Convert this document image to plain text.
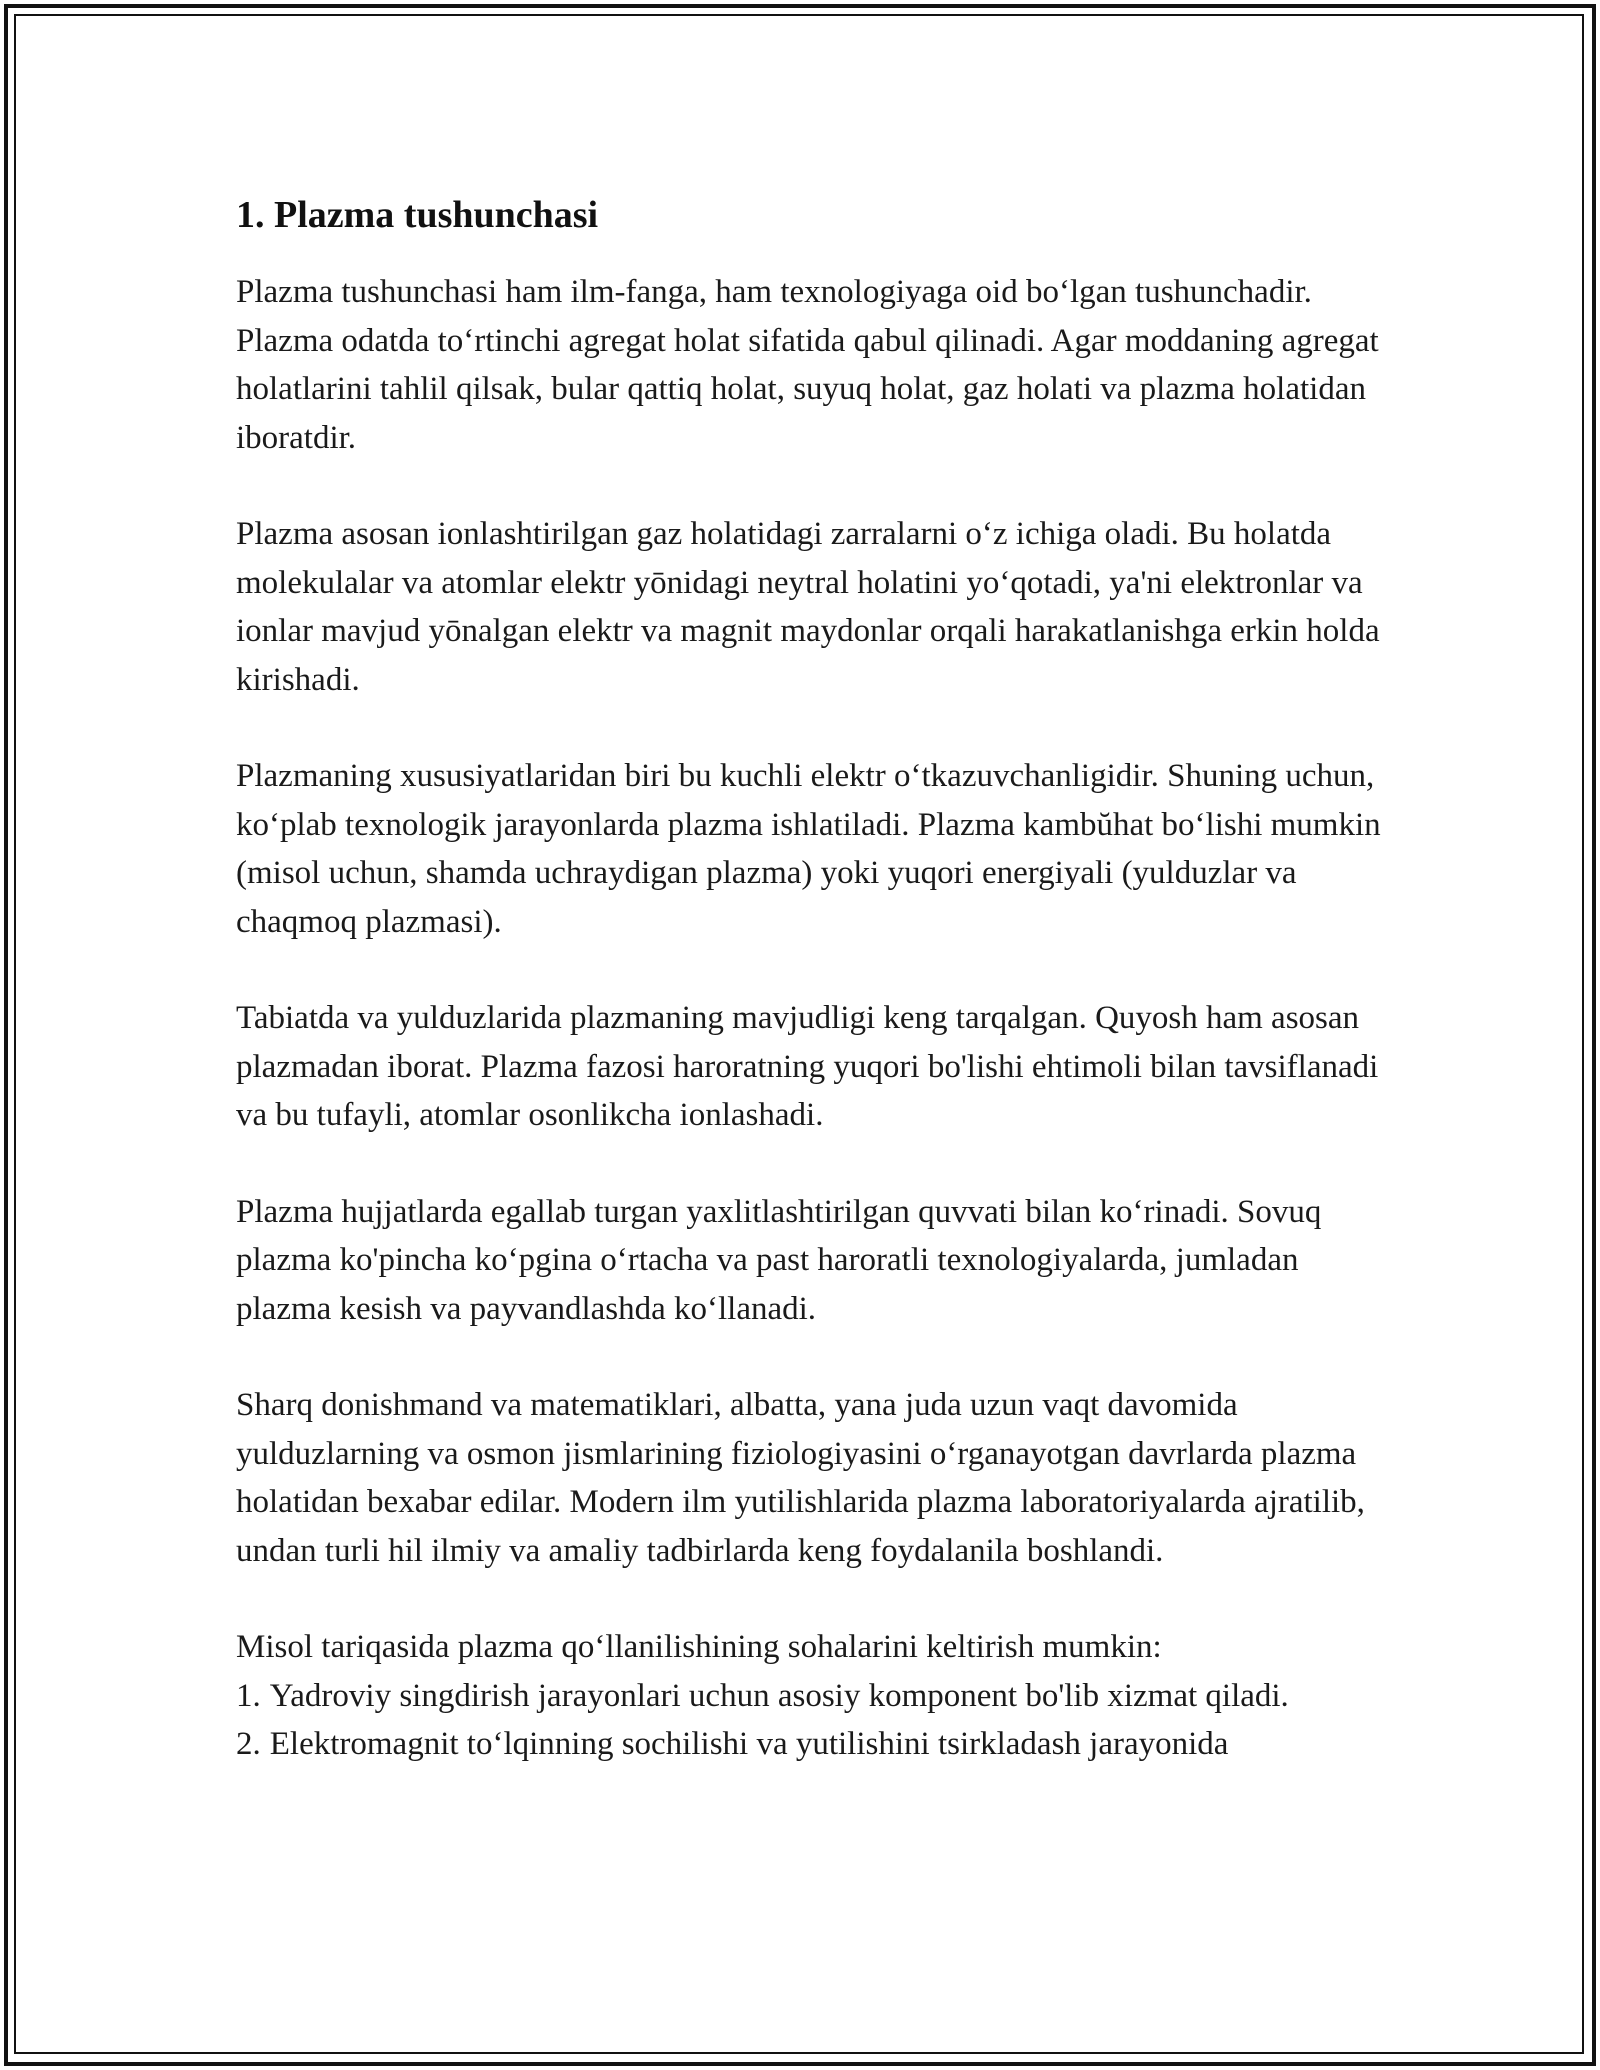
1. Plazma tushunchasi

Plazma tushunchasi ham ilm-fanga, ham texnologiyaga oid bo‘lgan tushunchadir. Plazma odatda to‘rtinchi agregat holat sifatida qabul qilinadi. Agar moddaning agregat holatlarini tahlil qilsak, bular qattiq holat, suyuq holat, gaz holati va plazma holatidan iboratdir.

Plazma asosan ionlashtirilgan gaz holatidagi zarralarni o‘z ichiga oladi. Bu holatda molekulalar va atomlar elektr yōnidagi neytral holatini yo‘qotadi, ya'ni elektronlar va ionlar mavjud yōnalgan elektr va magnit maydonlar orqali harakatlanishga erkin holda kirishadi.

Plazmaning xususiyatlaridan biri bu kuchli elektr o‘tkazuvchanligidir. Shuning uchun, ko‘plab texnologik jarayonlarda plazma ishlatiladi. Plazma kambŭhat bo‘lishi mumkin (misol uchun, shamda uchraydigan plazma) yoki yuqori energiyali (yulduzlar va chaqmoq plazmasi).

Tabiatda va yulduzlarida plazmaning mavjudligi keng tarqalgan. Quyosh ham asosan plazmadan iborat. Plazma fazosi haroratning yuqori bo'lishi ehtimoli bilan tavsiflanadi va bu tufayli, atomlar osonlikcha ionlashadi.

Plazma hujjatlarda egallab turgan yaxlitlashtirilgan quvvati bilan ko‘rinadi. Sovuq plazma ko'pincha ko‘pgina o‘rtacha va past haroratli texnologiyalarda, jumladan plazma kesish va payvandlashda ko‘llanadi.

Sharq donishmand va matematiklari, albatta, yana juda uzun vaqt davomida yulduzlarning va osmon jismlarining fiziologiyasini o‘rganayotgan davrlarda plazma holatidan bexabar edilar. Modern ilm yutilishlarida plazma laboratoriyalarda ajratilib, undan turli hil ilmiy va amaliy tadbirlarda keng foydalanila boshlandi.

Misol tariqasida plazma qo‘llanilishining sohalarini keltirish mumkin:

1. Yadroviy singdirish jarayonlari uchun asosiy komponent bo'lib xizmat qiladi.
2. Elektromagnit to‘lqinning sochilishi va yutilishini tsirkladash jarayonida
